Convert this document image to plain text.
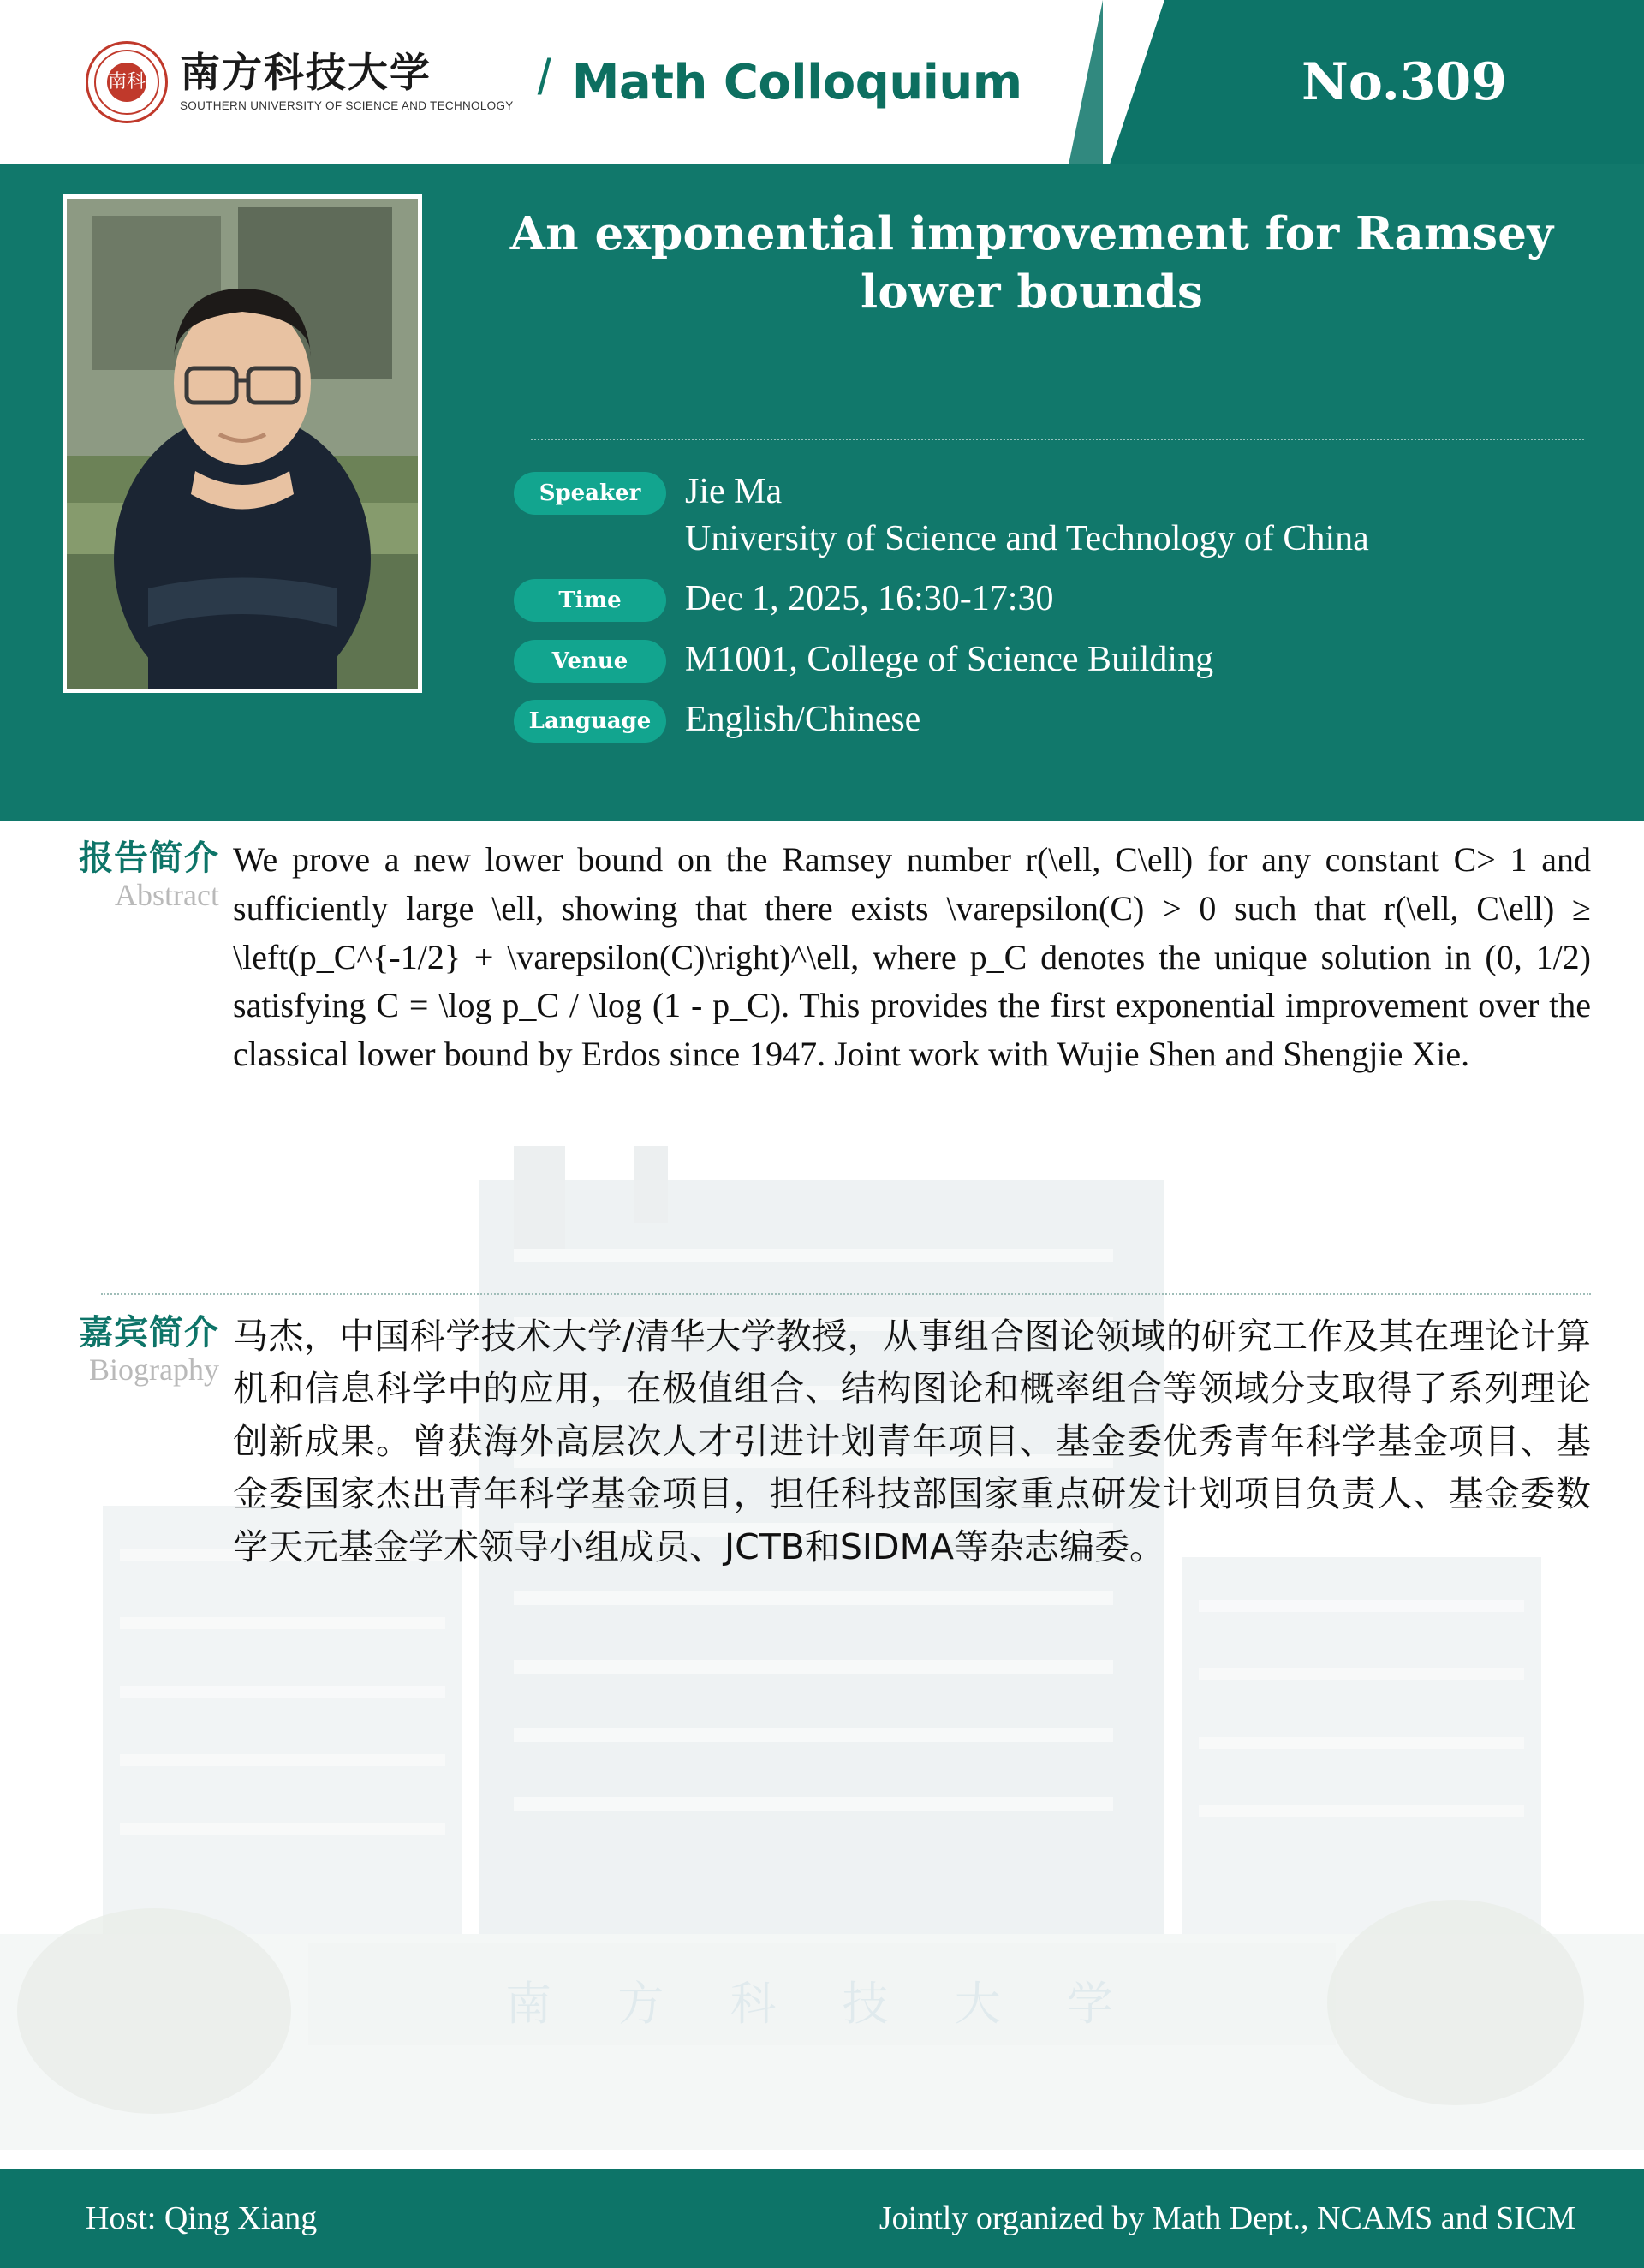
南科 南方科技大学
SOUTHERN UNIVERSITY OF SCIENCE AND TECHNOLOGY
/ Math Colloquium	No.309
An exponential improvement for Ramsey lower bounds
Speaker	Jie Ma
University of Science and Technology of China
Time	Dec 1, 2025, 16:30-17:30
Venue	M1001, College of Science Building
Language English/Chinese
南 方 科 技 大 学
报告简介
Abstract
We prove a new lower bound on the Ramsey number r(\ell, C\ell) for any constant C> 1 and sufficiently large \ell, showing that there exists \varepsilon(C) > 0 such that r(\ell, C\ell) ≥ \left(p_C^{-1/2} + \varepsilon(C)\right)^\ell, where p_C denotes the unique solution in (0, 1/2) satisfying C = \log p_C / \log (1 - p_C). This provides the first exponential improvement over the classical lower bound by Erdos since 1947. Joint work with Wujie Shen and Shengjie Xie.
嘉宾简介
Biography
马杰，中国科学技术大学/清华大学教授，从事组合图论领域的研究工作及其在理论计算机和信息科学中的应用，在极值组合、结构图论和概率组合等领域分支取得了系列理论创新成果。曾获海外高层次人才引进计划青年项目、基金委优秀青年科学基金项目、基金委国家杰出青年科学基金项目，担任科技部国家重点研发计划项目负责人、基金委数学天元基金学术领导小组成员、JCTB和SIDMA等杂志编委。
Host: Qing Xiang	Jointly organized by Math Dept., NCAMS and SICM
